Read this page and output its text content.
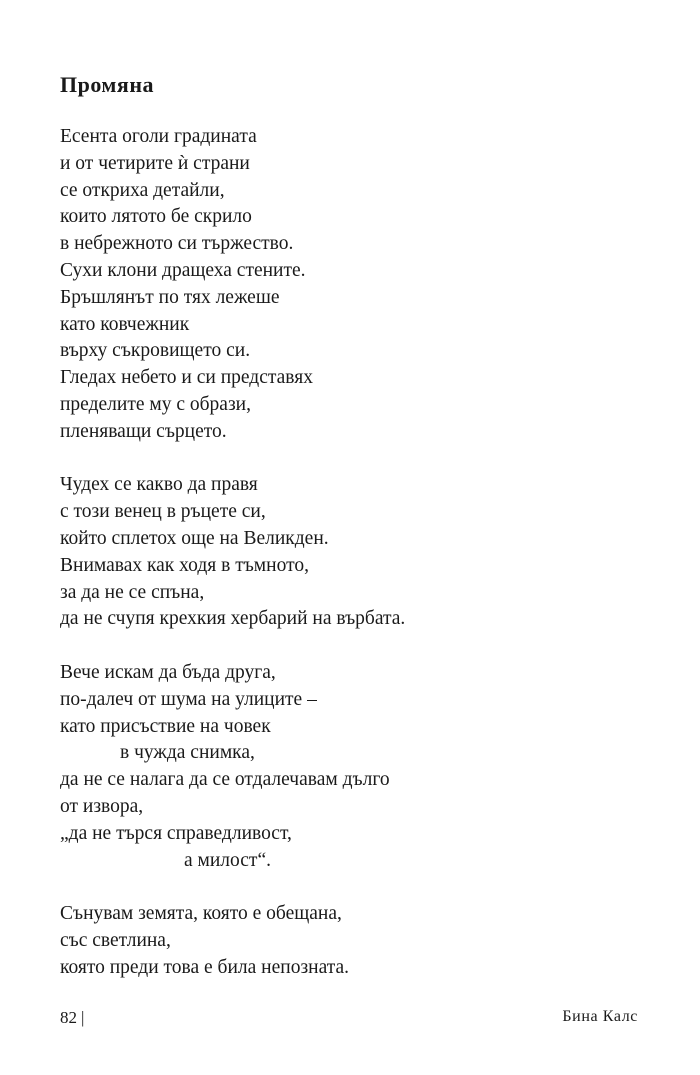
Промяна
Есента оголи градината
и от четирите ѝ страни
се откриха детайли,
които лятото бе скрило
в небрежното си тържество.
Сухи клони дращеха стените.
Бръшлянът по тях лежеше
като ковчежник
върху съкровището си.
Гледах небето и си представях
пределите му с образи,
пленяващи сърцето.
Чудех се какво да правя
с този венец в ръцете си,
който сплетох още на Великден.
Внимавах как ходя в тъмното,
за да не се спъна,
да не счупя крехкия хербарий на върбата.
Вече искам да бъда друга,
по-далеч от шума на улиците –
като присъствие на човек
в чужда снимка,
да не се налага да се отдалечавам дълго
от извора,
„да не търся справедливост,
а милост“.
Сънувам земята, която е обещана,
със светлина,
която преди това е била непозната.
82 |	Бина Калс
